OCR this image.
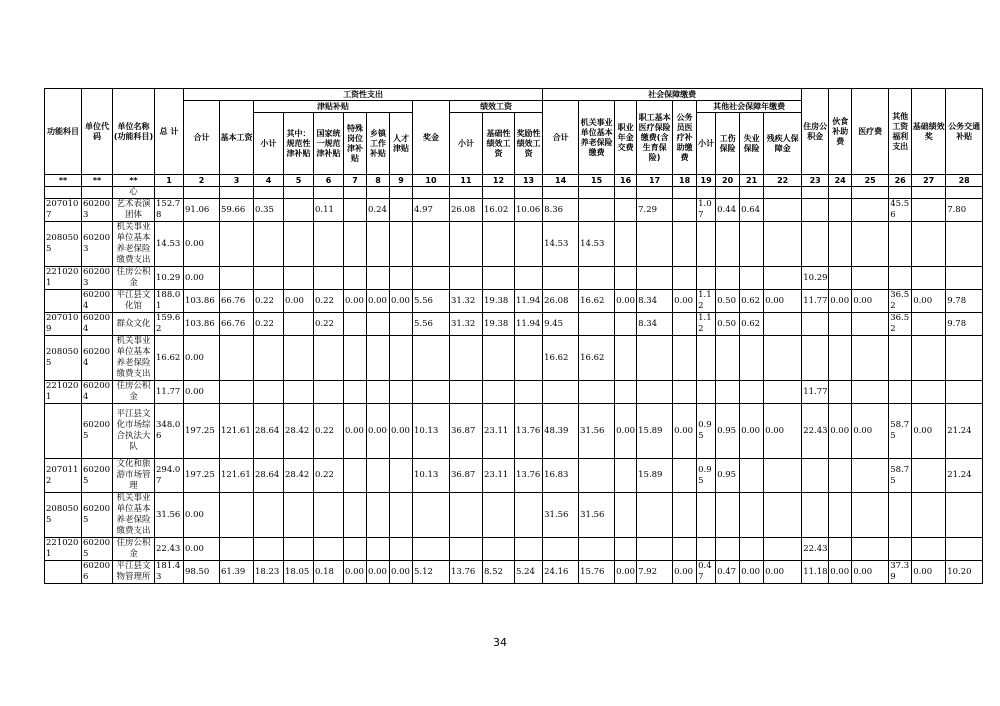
功能科目	单位代码	单位名称(功能科目)	总 计	工资性支出												社会保障缴费									住房公积金	伙食补助费	医疗费	其他工资福利支出	基础绩效奖	公务交通补贴
				合计	基本工资	津贴补贴						奖金	绩效工资			合计	机关事业单位基本养老保险缴费	职业年金交费	职工基本医疗保险缴费(含生育保险)	公务员医疗补助缴费	其他社会保障年缴费									
						小计	其中：规范性津补贴	国家统一规范津补贴	特殊岗位津补贴	乡镇工作补贴	人才津贴		小计	基础性绩效工资	奖励性绩效工资						小计	工伤保险	失业保险	残疾人保障金						

**	**	**	1	2	3	4	5	6	7	8	9	10	11	12	13	14	15	16	17	18	19	20	21	22	23	24	25	26	27	28
		心																												
2070107	602003	艺术表演团体	152.78	91.06	59.66	0.35		0.11		0.24		4.97	26.08	16.02	10.06	8.36			7.29		1.07	0.44	0.64					45.56		7.80
2080505	602003	机关事业单位基本养老保险缴费支出	14.53	0.00												14.53	14.53													
2210201	602003	住房公积金	10.29	0.00																					10.29					
	602004	平江县文化馆	188.01	103.86	66.76	0.22	0.00	0.22	0.00	0.00	0.00	5.56	31.32	19.38	11.94	26.08	16.62	0.00	8.34	0.00	1.12	0.50	0.62	0.00	11.77	0.00	0.00	36.52	0.00	9.78
2070109	602004	群众文化	159.62	103.86	66.76	0.22		0.22				5.56	31.32	19.38	11.94	9.45			8.34		1.12	0.50	0.62					36.52		9.78
2080505	602004	机关事业单位基本养老保险缴费支出	16.62	0.00												16.62	16.62													
2210201	602004	住房公积金	11.77	0.00																					11.77					
	602005	平江县文化市场综合执法大队	348.06	197.25	121.61	28.64	28.42	0.22	0.00	0.00	0.00	10.13	36.87	23.11	13.76	48.39	31.56	0.00	15.89	0.00	0.95	0.95	0.00	0.00	22.43	0.00	0.00	58.75	0.00	21.24
2070112	602005	文化和旅游市场管理	294.07	197.25	121.61	28.64	28.42	0.22				10.13	36.87	23.11	13.76	16.83			15.89		0.95	0.95						58.75		21.24
2080505	602005	机关事业单位基本养老保险缴费支出	31.56	0.00												31.56	31.56													
2210201	602005	住房公积金	22.43	0.00																					22.43					
	602006	平江县文物管理所	181.43	98.50	61.39	18.23	18.05	0.18	0.00	0.00	0.00	5.12	13.76	8.52	5.24	24.16	15.76	0.00	7.92	0.00	0.47	0.47	0.00	0.00	11.18	0.00	0.00	37.39	0.00	10.20
34
